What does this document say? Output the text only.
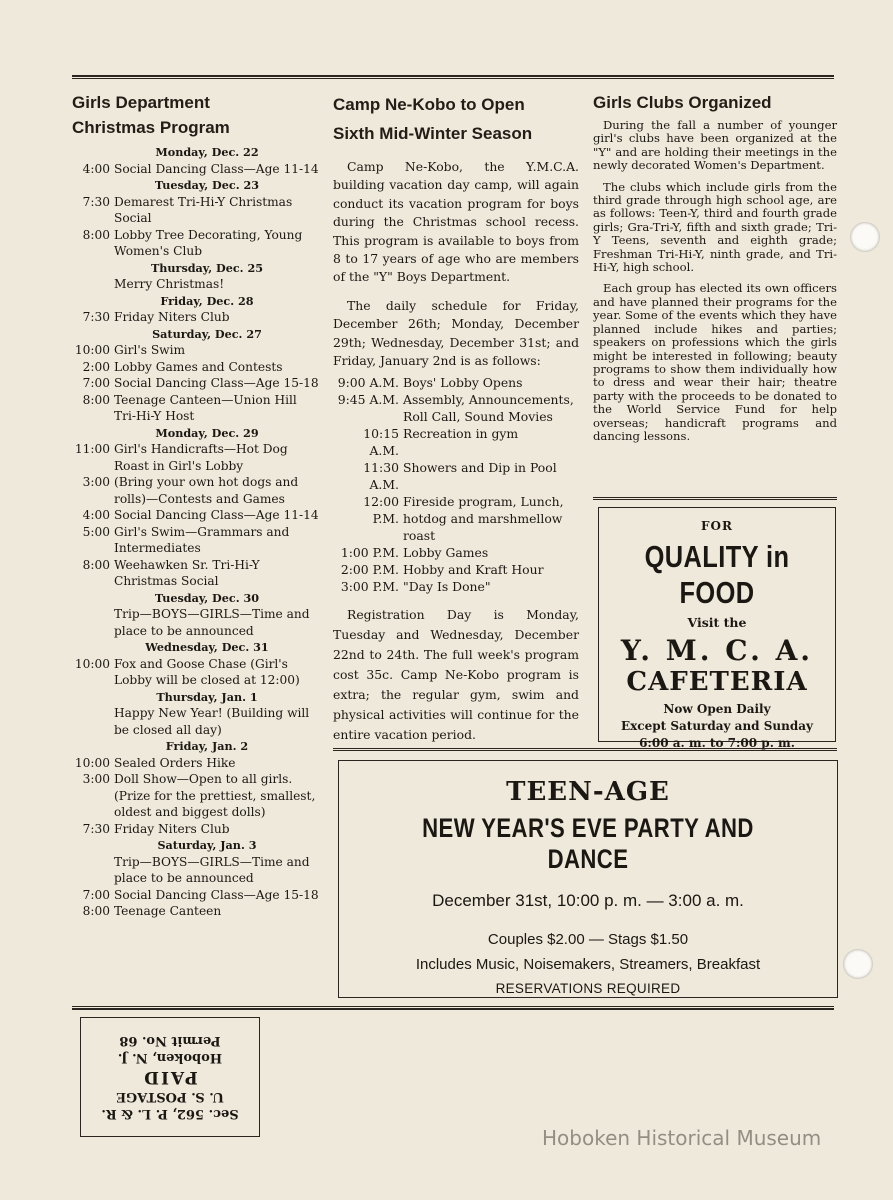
Girls Department
Christmas Program
Monday, Dec. 22
4:00 Social Dancing Class—Age 11-14
Tuesday, Dec. 23
7:30 Demarest Tri-Hi-Y Christmas Social
8:00 Lobby Tree Decorating, Young Women's Club
Thursday, Dec. 25
Merry Christmas!
Friday, Dec. 28
7:30 Friday Niters Club
Saturday, Dec. 27
10:00 Girl's Swim
2:00 Lobby Games and Contests
7:00 Social Dancing Class—Age 15-18
8:00 Teenage Canteen—Union Hill Tri-Hi-Y Host
Monday, Dec. 29
11:00 Girl's Handicrafts—Hot Dog Roast in Girl's Lobby
3:00 (Bring your own hot dogs and rolls)—Contests and Games
4:00 Social Dancing Class—Age 11-14
5:00 Girl's Swim—Grammars and Intermediates
8:00 Weehawken Sr. Tri-Hi-Y Christmas Social
Tuesday, Dec. 30
Trip—BOYS—GIRLS—Time and place to be announced
Wednesday, Dec. 31
10:00 Fox and Goose Chase (Girl's Lobby will be closed at 12:00)
Thursday, Jan. 1
Happy New Year! (Building will be closed all day)
Friday, Jan. 2
10:00 Sealed Orders Hike
3:00 Doll Show—Open to all girls. (Prize for the prettiest, smallest, oldest and biggest dolls)
7:30 Friday Niters Club
Saturday, Jan. 3
Trip—BOYS—GIRLS—Time and place to be announced
7:00 Social Dancing Class—Age 15-18
8:00 Teenage Canteen
Camp Ne-Kobo to Open
Sixth Mid-Winter Season

Camp Ne-Kobo, the Y.M.C.A. building vacation day camp, will again conduct its vacation program for boys during the Christmas school recess. This program is available to boys from 8 to 17 years of age who are members of the "Y" Boys Department.

The daily schedule for Friday, December 26th; Monday, December 29th; Wednesday, December 31st; and Friday, January 2nd is as follows:

9:00 A.M. Boys' Lobby Opens
9:45 A.M. Assembly, Announcements, Roll Call, Sound Movies
10:15 A.M.
Recreation in gym
11:30 A.M.
Showers and Dip in Pool
12:00 P.M.
Fireside program, Lunch, hotdog and marshmellow roast
1:00 P.M. Lobby Games
2:00 P.M. Hobby and Kraft Hour
3:00 P.M. "Day Is Done"

Registration Day is Monday, Tuesday and Wednesday, December 22nd to 24th. The full week's program cost 35c. Camp Ne-Kobo program is extra; the regular gym, swim and physical activities will continue for the entire vacation period.

Girls Clubs Organized

During the fall a number of younger girl's clubs have been organized at the "Y" and are holding their meetings in the newly decorated Women's Department.

The clubs which include girls from the third grade through high school age, are as follows: Teen-Y, third and fourth grade girls; Gra-Tri-Y, fifth and sixth grade; Tri-Y Teens, seventh and eighth grade; Freshman Tri-Hi-Y, ninth grade, and Tri-Hi-Y, high school.

Each group has elected its own officers and have planned their programs for the year. Some of the events which they have planned include hikes and parties; speakers on professions which the girls might be interested in following; beauty programs to show them individually how to dress and wear their hair; theatre party with the proceeds to be donated to the World Service Fund for help overseas; handicraft programs and dancing lessons.

FOR
QUALITY in FOOD
Visit the
Y. M. C. A.
CAFETERIA
Now Open Daily
Except Saturday and Sunday
6:00 a. m. to 7:00 p. m.
TEEN-AGE
NEW YEAR'S EVE PARTY AND DANCE
December 31st, 10:00 p. m. — 3:00 a. m.
Couples $2.00 — Stags $1.50
Includes Music, Noisemakers, Streamers, Breakfast
RESERVATIONS REQUIRED
Sec. 562, P. L. & R.
U. S. POSTAGE
PAID
Hoboken, N. J.
Permit No. 68
Hoboken Historical Museum
